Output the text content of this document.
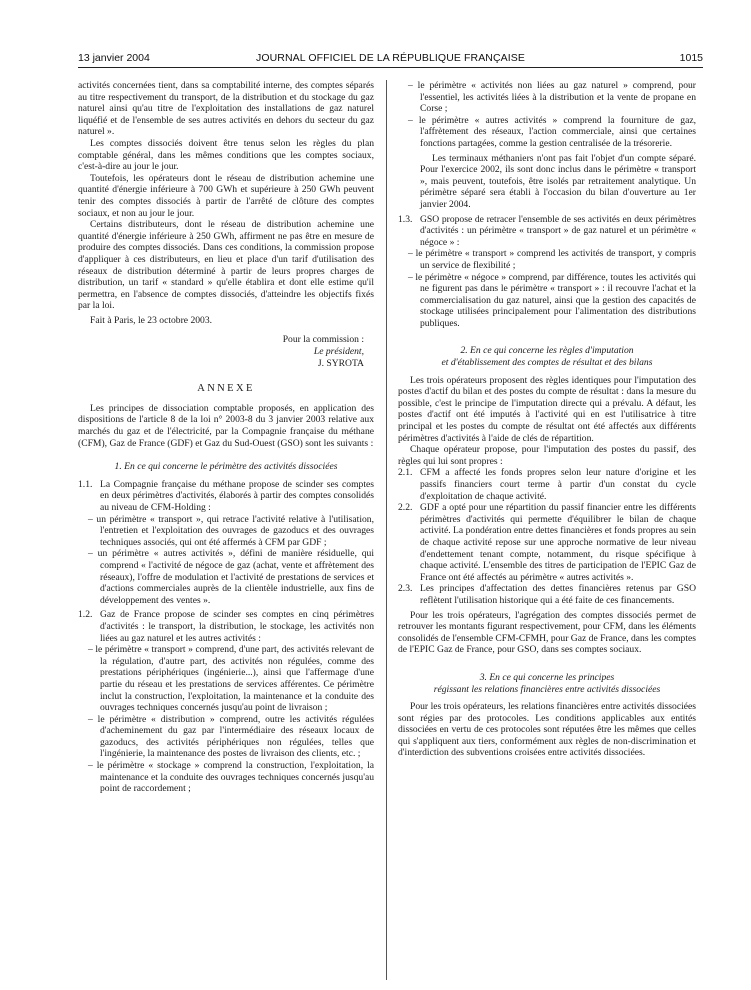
13 janvier 2004	JOURNAL OFFICIEL DE LA RÉPUBLIQUE FRANÇAISE	1015

activités concernées tient, dans sa comptabilité interne, des comptes séparés au titre respectivement du transport, de la distribution et du stockage du gaz naturel ainsi qu'au titre de l'exploitation des installations de gaz naturel liquéfié et de l'ensemble de ses autres activités en dehors du secteur du gaz naturel ».

Les comptes dissociés doivent être tenus selon les règles du plan comptable général, dans les mêmes conditions que les comptes sociaux, c'est-à-dire au jour le jour.

Toutefois, les opérateurs dont le réseau de distribution achemine une quantité d'énergie inférieure à 700 GWh et supérieure à 250 GWh peuvent tenir des comptes dissociés à partir de l'arrêté de clôture des comptes sociaux, et non au jour le jour.

Certains distributeurs, dont le réseau de distribution achemine une quantité d'énergie inférieure à 250 GWh, affirment ne pas être en mesure de produire des comptes dissociés. Dans ces conditions, la commission propose d'appliquer à ces distributeurs, en lieu et place d'un tarif d'utilisation des réseaux de distribution déterminé à partir de leurs propres charges de distribution, un tarif « standard » qu'elle établira et dont elle estime qu'il permettra, en l'absence de comptes dissociés, d'atteindre les objectifs fixés par la loi.

Fait à Paris, le 23 octobre 2003.

Pour la commission :
Le président,
J. SYROTA
ANNEXE

Les principes de dissociation comptable proposés, en application des dispositions de l'article 8 de la loi n° 2003-8 du 3 janvier 2003 relative aux marchés du gaz et de l'électricité, par la Compagnie française du méthane (CFM), Gaz de France (GDF) et Gaz du Sud-Ouest (GSO) sont les suivants :

1. En ce qui concerne le périmètre des activités dissociées
1.1. La Compagnie française du méthane propose de scinder ses comptes en deux périmètres d'activités, élaborés à partir des comptes consolidés au niveau de CFM-Holding :

– un périmètre « transport », qui retrace l'activité relative à l'utilisation, l'entretien et l'exploitation des ouvrages de gazoducs et des ouvrages techniques associés, qui ont été affermés à CFM par GDF ;

– un périmètre « autres activités », défini de manière résiduelle, qui comprend « l'activité de négoce de gaz (achat, vente et affrètement des réseaux), l'offre de modulation et l'activité de prestations de services et d'actions commerciales auprès de la clientèle industrielle, aux fins de développement des ventes ».

1.2. Gaz de France propose de scinder ses comptes en cinq périmètres d'activités : le transport, la distribution, le stockage, les activités non liées au gaz naturel et les autres activités :

– le périmètre « transport » comprend, d'une part, des activités relevant de la régulation, d'autre part, des activités non régulées, comme des prestations périphériques (ingénierie...), ainsi que l'affermage d'une partie du réseau et les prestations de services afférentes. Ce périmètre inclut la construction, l'exploitation, la maintenance et la conduite des ouvrages techniques concernés jusqu'au point de livraison ;

– le périmètre « distribution » comprend, outre les activités régulées d'acheminement du gaz par l'intermédiaire des réseaux locaux de gazoducs, des activités périphériques non régulées, telles que l'ingénierie, la maintenance des postes de livraison des clients, etc. ;

– le périmètre « stockage » comprend la construction, l'exploitation, la maintenance et la conduite des ouvrages techniques concernés jusqu'au point de raccordement ;

– le périmètre « activités non liées au gaz naturel » comprend, pour l'essentiel, les activités liées à la distribution et la vente de propane en Corse ;

– le périmètre « autres activités » comprend la fourniture de gaz, l'affrètement des réseaux, l'action commerciale, ainsi que certaines fonctions partagées, comme la gestion centralisée de la trésorerie.

Les terminaux méthaniers n'ont pas fait l'objet d'un compte séparé. Pour l'exercice 2002, ils sont donc inclus dans le périmètre « transport », mais peuvent, toutefois, être isolés par retraitement analytique. Un périmètre séparé sera établi à l'occasion du bilan d'ouverture au 1er janvier 2004.

1.3. GSO propose de retracer l'ensemble de ses activités en deux périmètres d'activités : un périmètre « transport » de gaz naturel et un périmètre « négoce » :

– le périmètre « transport » comprend les activités de transport, y compris un service de flexibilité ;

– le périmètre « négoce » comprend, par différence, toutes les activités qui ne figurent pas dans le périmètre « transport » : il recouvre l'achat et la commercialisation du gaz naturel, ainsi que la gestion des capacités de stockage utilisées principalement pour l'alimentation des distributions publiques.

2. En ce qui concerne les règles d'imputation
et d'établissement des comptes de résultat et des bilans

Les trois opérateurs proposent des règles identiques pour l'imputation des postes d'actif du bilan et des postes du compte de résultat : dans la mesure du possible, c'est le principe de l'imputation directe qui a prévalu. A défaut, les postes d'actif ont été imputés à l'activité qui en est l'utilisatrice à titre principal et les postes du compte de résultat ont été affectés aux différents périmètres d'activités à l'aide de clés de répartition.

Chaque opérateur propose, pour l'imputation des postes du passif, des règles qui lui sont propres :

2.1. CFM a affecté les fonds propres selon leur nature d'origine et les passifs financiers court terme à partir d'un constat du cycle d'exploitation de chaque activité.
2.2. GDF a opté pour une répartition du passif financier entre les différents périmètres d'activités qui permette d'équilibrer le bilan de chaque activité. La pondération entre dettes financières et fonds propres au sein de chaque activité repose sur une approche normative de leur niveau d'endettement tenant compte, notamment, du risque spécifique à chaque activité. L'ensemble des titres de participation de l'EPIC Gaz de France ont été affectés au périmètre « autres activités ».
2.3. Les principes d'affectation des dettes financières retenus par GSO reflètent l'utilisation historique qui a été faite de ces financements.

Pour les trois opérateurs, l'agrégation des comptes dissociés permet de retrouver les montants figurant respectivement, pour CFM, dans les éléments consolidés de l'ensemble CFM-CFMH, pour Gaz de France, dans les comptes de l'EPIC Gaz de France, pour GSO, dans ses comptes sociaux.

3. En ce qui concerne les principes
régissant les relations financières entre activités dissociées

Pour les trois opérateurs, les relations financières entre activités dissociées sont régies par des protocoles. Les conditions applicables aux entités dissociées en vertu de ces protocoles sont réputées être les mêmes que celles qui s'appliquent aux tiers, conformément aux règles de non-discrimination et d'interdiction des subventions croisées entre activités dissociées.
